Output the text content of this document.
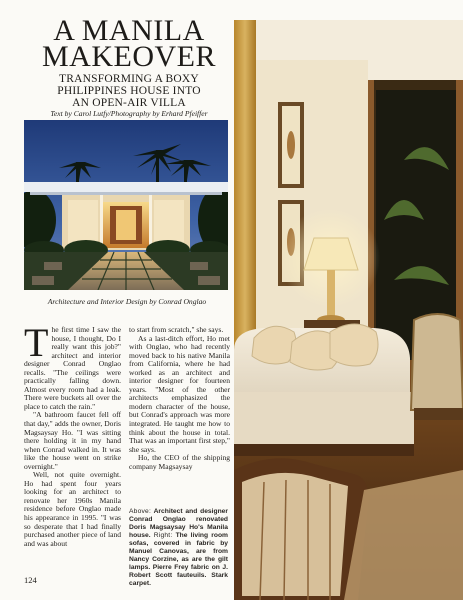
A MANILA
MAKEOVER
TRANSFORMING A BOXY
PHILIPPINES HOUSE INTO
AN OPEN-AIR VILLA
Text by Carol Lutfy/Photography by Erhard Pfeiffer
Architecture and Interior Design by Conrad Onglao

The first time I saw the house, I thought, Do I really want this job?" architect and interior designer Conrad Onglao recalls. "The ceilings were practically falling down. Almost every room had a leak. There were buckets all over the place to catch the rain."

"A bathroom faucet fell off that day," adds the owner, Doris Magsaysay Ho. "I was sitting there holding it in my hand when Conrad walked in. It was like the house went on strike overnight."

Well, not quite overnight. Ho had spent four years looking for an architect to renovate her 1960s Manila residence before Onglao made his appearance in 1995. "I was so desperate that I had finally purchased another piece of land and was about

to start from scratch," she says.

As a last-ditch effort, Ho met with Onglao, who had recently moved back to his native Manila from California, where he had worked as an architect and interior designer for fourteen years. "Most of the other architects emphasized the modern character of the house, but Conrad's approach was more integrated. He taught me how to think about the house in total. That was an important first step," she says.

Ho, the CEO of the shipping company Magsaysay

Above: Architect and designer Conrad Onglao renovated Doris Magsaysay Ho's Manila house. Right: The living room sofas, covered in fabric by Manuel Canovas, are from Nancy Corzine, as are the gilt lamps. Pierre Frey fabric on J. Robert Scott fauteuils. Stark carpet.
124
